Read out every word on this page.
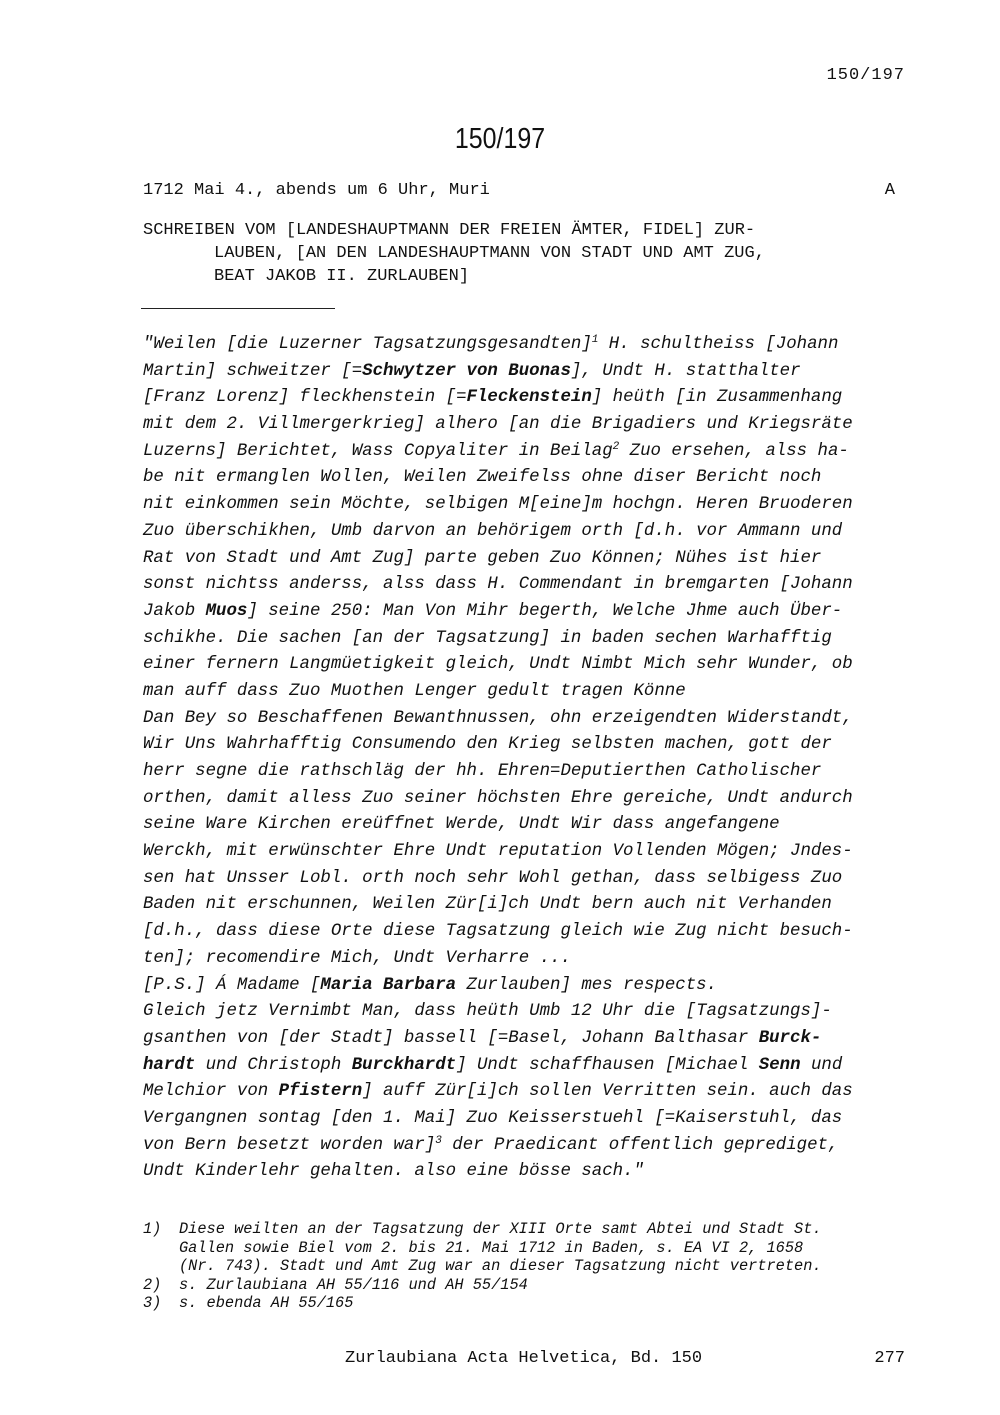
150/197
150/197
1712 Mai 4., abends um 6 Uhr, Muri	A
SCHREIBEN VOM [LANDESHAUPTMANN DER FREIEN ÄMTER, FIDEL] ZUR-
LAUBEN, [AN DEN LANDESHAUPTMANN VON STADT UND AMT ZUG,
BEAT JAKOB II. ZURLAUBEN]
"Weilen [die Luzerner Tagsatzungsgesandten]$^1$ H. schultheiss [Johann
Martin] schweitzer [=Schwytzer von Buonas], Undt H. statthalter
[Franz Lorenz] fleckhenstein [=Fleckenstein] heüth [in Zusammenhang
mit dem 2. Villmergerkrieg] alhero [an die Brigadiers und Kriegsräte
Luzerns] Berichtet, Wass Copyaliter in Beilag$^2$ Zuo ersehen, alss ha-
be nit ermanglen Wollen, Weilen Zweifelss ohne diser Bericht noch
nit einkommen sein Möchte, selbigen M[eine]m hochgn. Heren Bruoderen
Zuo überschikhen, Umb darvon an behörigem orth [d.h. vor Ammann und
Rat von Stadt und Amt Zug] parte geben Zuo Können; Nühes ist hier
sonst nichtss anderss, alss dass H. Commendant in bremgarten [Johann
Jakob Muos] seine 250: Man Von Mihr begerth, Welche Jhme auch Über-
schikhe. Die sachen [an der Tagsatzung] in baden sechen Warhafftig
einer fernern Langmüetigkeit gleich, Undt Nimbt Mich sehr Wunder, ob
man auff dass Zuo Muothen Lenger gedult tragen Könne
Dan Bey so Beschaffenen Bewanthnussen, ohn erzeigendten Widerstandt,
Wir Uns Wahrhafftig Consumendo den Krieg selbsten machen, gott der
herr segne die rathschläg der hh. Ehren=Deputierthen Catholischer
orthen, damit alless Zuo seiner höchsten Ehre gereiche, Undt andurch
seine Ware Kirchen ereüffnet Werde, Undt Wir dass angefangene
Werckh, mit erwünschter Ehre Undt reputation Vollenden Mögen; Jndes-
sen hat Unsser Lobl. orth noch sehr Wohl gethan, dass selbigess Zuo
Baden nit erschunnen, Weilen Zür[i]ch Undt bern auch nit Verhanden
[d.h., dass diese Orte diese Tagsatzung gleich wie Zug nicht besuch-
ten]; recomendire Mich, Undt Verharre ...
[P.S.] Á Madame [Maria Barbara Zurlauben] mes respects.
Gleich jetz Vernimbt Man, dass heüth Umb 12 Uhr die [Tagsatzungs]-
gsanthen von [der Stadt] bassell [=Basel, Johann Balthasar Burck-
hardt und Christoph Burckhardt] Undt schaffhausen [Michael Senn und
Melchior von Pfistern] auff Zür[i]ch sollen Verritten sein. auch das
Vergangnen sontag [den 1. Mai] Zuo Keisserstuehl [=Kaiserstuhl, das
von Bern besetzt worden war]$^3$ der Praedicant offentlich geprediget,
Undt Kinderlehr gehalten. also eine bösse sach."
1) Diese weilten an der Tagsatzung der XIII Orte samt Abtei und Stadt St.
Gallen sowie Biel vom 2. bis 21. Mai 1712 in Baden, s. EA VI 2, 1658
(Nr. 743). Stadt und Amt Zug war an dieser Tagsatzung nicht vertreten.
2) s. Zurlaubiana AH 55/116 und AH 55/154
3) s. ebenda AH 55/165
Zurlaubiana Acta Helvetica, Bd. 150	277
